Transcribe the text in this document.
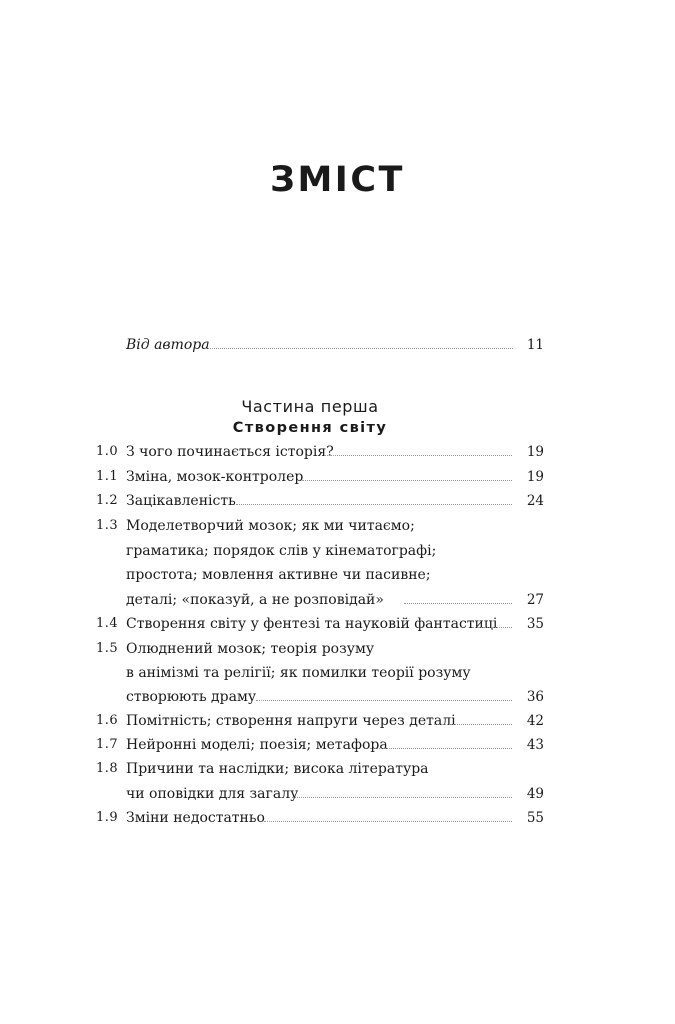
ЗМІСТ
Від автора	11
Частина перша
Створення світу
1.0 З чого починається історія?	19
1.1 Зміна, мозок-контролер	19
1.2 Зацікавленість	24
1.3 Моделетворчий мозок; як ми читаємо;
граматика; порядок слів у кінематографі;
простота; мовлення активне чи пасивне;
деталі; «показуй, а не розповідай»	27
1.4 Створення світу у фентезі та науковій фантастиці	35
1.5 Олюднений мозок; теорія розуму
в анімізмі та релігії; як помилки теорії розуму
створюють драму	36
1.6 Помітність; створення напруги через деталі	42
1.7 Нейронні моделі; поезія; метафора	43
1.8 Причини та наслідки; висока література
чи оповідки для загалу	49
1.9 Зміни недостатньо	55
